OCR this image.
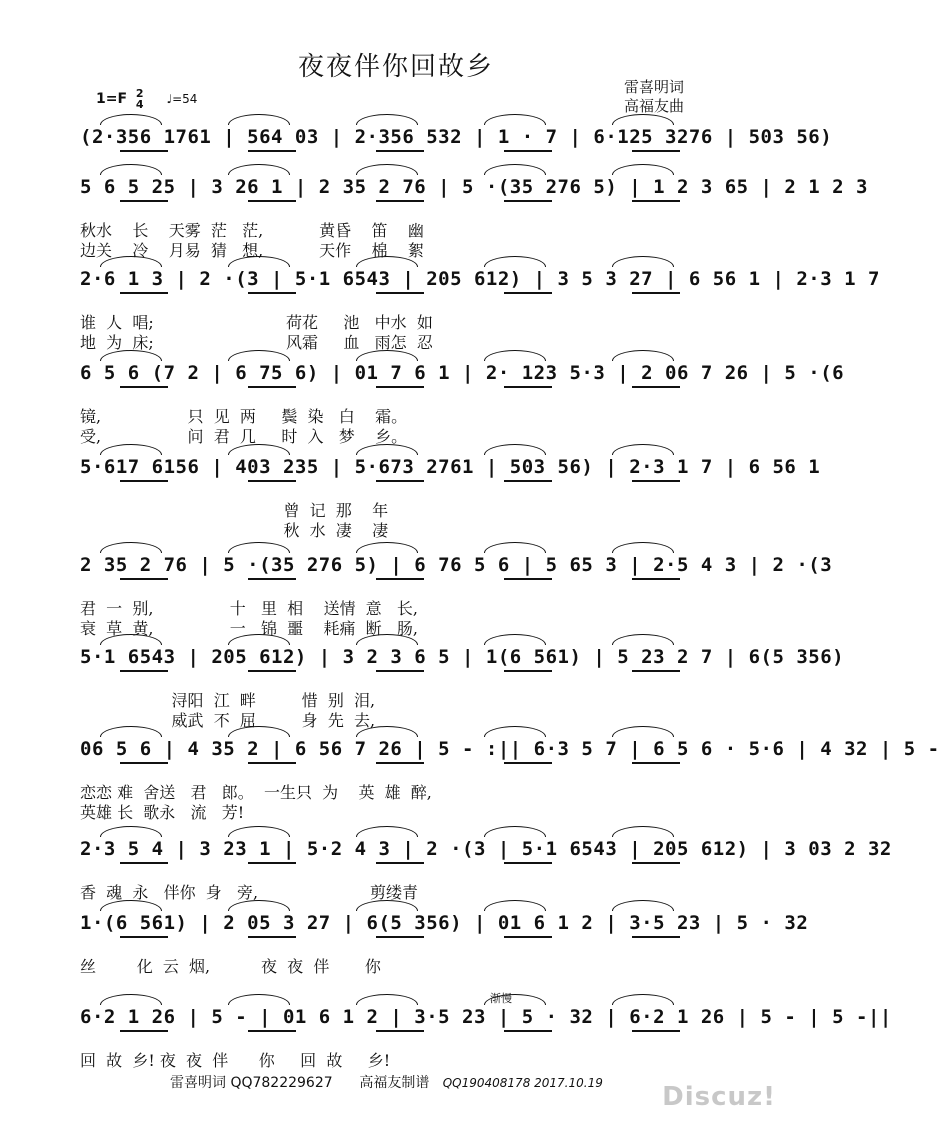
夜夜伴你回故乡
雷喜明词
高福友曲
1=F 2
4 ♩=54
(2·356 1761 | 564 03 | 2·356 532 | 1 · 7 | 6·125 3276 | 503 56)
5 6 5 25 | 3 26 1 | 2 35 2 76 | 5 ·(35 276 5) | 1 2 3 65 | 2 1 2 3
秋水    长    天雾  茫   茫,           黄昏    笛    幽
边关    冷    月易  猜   想,           天作    棉    絮
2·6 1 3 | 2 ·(3 | 5·1 6543 | 205 612) | 3 5 3 27 | 6 56 1 | 2·3 1 7
谁  人  唱;                          荷花     池   中水  如
地  为  床;                          风霜     血   雨怎  忍
6 5 6 (7 2 | 6 75 6) | 01 7 6 1 | 2· 123 5·3 | 2 06 7 26 | 5 ·(6
镜,                 只  见  两     鬓  染   白    霜。
受,                 问  君  几     时  入   梦    乡。
5·617 6156 | 403 235 | 5·673 2761 | 503 56) | 2·3 1 7 | 6 56 1
曾  记  那    年
秋  水  凄    凄
2 35 2 76 | 5 ·(35 276 5) | 6 76 5 6 | 5 65 3 | 2·5 4 3 | 2 ·(3
君  一  别,               十   里  相    送情  意   长,
衰  草  黄,               一   锦  噩    耗痛  断   肠,
5·1 6543 | 205 612) | 3 2 3 6 5 | 1(6 561) | 5 23 2 7 | 6(5 356)
浔阳  江  畔         惜  别  泪,
威武  不  屈         身  先  去,
06 5 6 | 4 35 2 | 6 56 7 26 | 5 - :|| 6·3 5 7 | 6 5 6 · 5·6 | 4 32 | 5 -
恋恋 难  舍送   君   郎。  一生只  为    英  雄  醉,
英雄 长  歌永   流   芳!
2·3 5 4 | 3 23 1 | 5·2 4 3 | 2 ·(3 | 5·1 6543 | 205 612) | 3 03 2 32
香  魂  永   伴你  身   旁,                      剪缕青
1·(6 561) | 2 05 3 27 | 6(5 356) | 01 6 1 2 | 3·5 23 | 5 · 32
丝        化  云  烟,          夜  夜  伴       你
6·2 1 26 | 5 - | 01 6 1 2 | 3·5 23 | 5 · 32 | 6·2 1 26 | 5 - | 5 -||
回  故  乡! 夜  夜  伴      你     回  故     乡!
雷喜明词 QQ782229627 高福友制谱 QQ190408178 2017.10.19 Discuz!
渐慢
